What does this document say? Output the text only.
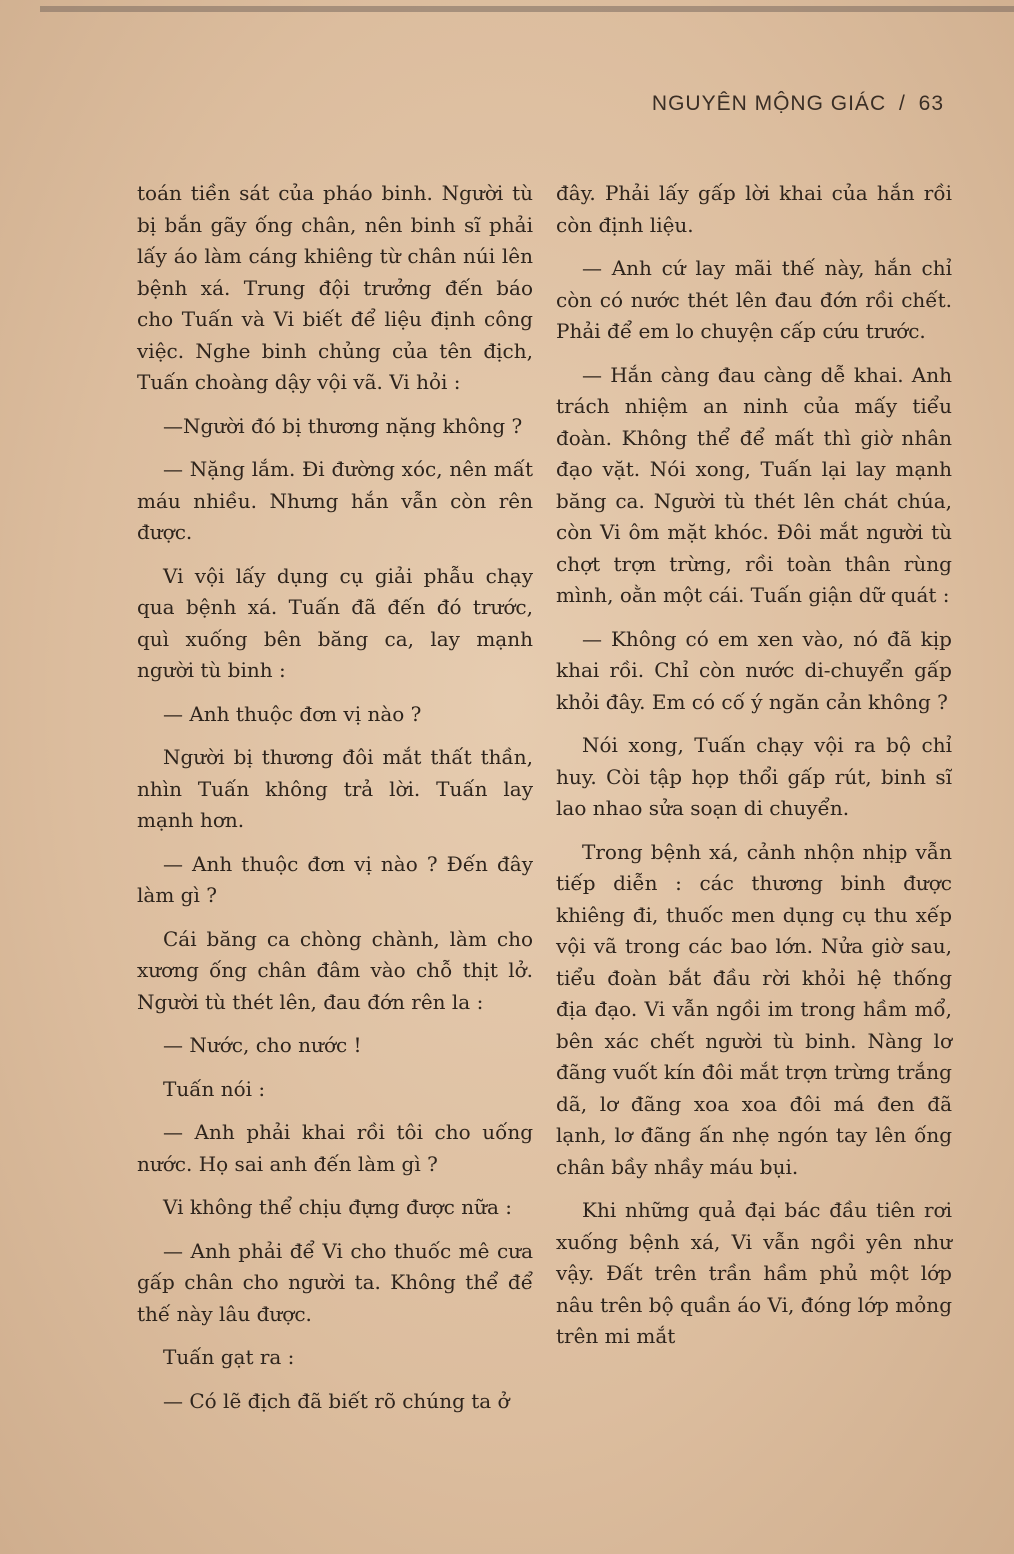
NGUYÊN MỘNG GIÁC / 63

toán tiền sát của pháo binh. Người tù bị bắn gãy ống chân, nên binh sĩ phải lấy áo làm cáng khiêng từ chân núi lên bệnh xá. Trung đội trưởng đến báo cho Tuấn và Vi biết để liệu định công việc. Nghe binh chủng của tên địch, Tuấn choàng dậy vội vã. Vi hỏi :

—Người đó bị thương nặng không ?

— Nặng lắm. Đi đường xóc, nên mất máu nhiều. Nhưng hắn vẫn còn rên được.

Vi vội lấy dụng cụ giải phẫu chạy qua bệnh xá. Tuấn đã đến đó trước, quì xuống bên băng ca, lay mạnh người tù binh :

— Anh thuộc đơn vị nào ?

Người bị thương đôi mắt thất thần, nhìn Tuấn không trả lời. Tuấn lay mạnh hơn.

— Anh thuộc đơn vị nào ? Đến đây làm gì ?

Cái băng ca chòng chành, làm cho xương ống chân đâm vào chỗ thịt lở. Người tù thét lên, đau đớn rên la :

— Nước, cho nước !

Tuấn nói :

— Anh phải khai rồi tôi cho uống nước. Họ sai anh đến làm gì ?

Vi không thể chịu đựng được nữa :

— Anh phải để Vi cho thuốc mê cưa gấp chân cho người ta. Không thể để thế này lâu được.

Tuấn gạt ra :

— Có lẽ địch đã biết rõ chúng ta ở

đây. Phải lấy gấp lời khai của hắn rồi còn định liệu.

— Anh cứ lay mãi thế này, hắn chỉ còn có nước thét lên đau đớn rồi chết. Phải để em lo chuyện cấp cứu trước.

— Hắn càng đau càng dễ khai. Anh trách nhiệm an ninh của mấy tiểu đoàn. Không thể để mất thì giờ nhân đạo vặt. Nói xong, Tuấn lại lay mạnh băng ca. Người tù thét lên chát chúa, còn Vi ôm mặt khóc. Đôi mắt người tù chợt trợn trừng, rồi toàn thân rùng mình, oằn một cái. Tuấn giận dữ quát :

— Không có em xen vào, nó đã kịp khai rồi. Chỉ còn nước di-chuyển gấp khỏi đây. Em có cố ý ngăn cản không ?

Nói xong, Tuấn chạy vội ra bộ chỉ huy. Còi tập họp thổi gấp rút, binh sĩ lao nhao sửa soạn di chuyển.

Trong bệnh xá, cảnh nhộn nhịp vẫn tiếp diễn : các thương binh được khiêng đi, thuốc men dụng cụ thu xếp vội vã trong các bao lớn. Nửa giờ sau, tiểu đoàn bắt đầu rời khỏi hệ thống địa đạo. Vi vẫn ngồi im trong hầm mổ, bên xác chết người tù binh. Nàng lơ đãng vuốt kín đôi mắt trợn trừng trắng dã, lơ đãng xoa xoa đôi má đen đã lạnh, lơ đãng ấn nhẹ ngón tay lên ống chân bầy nhầy máu bụi.

Khi những quả đại bác đầu tiên rơi xuống bệnh xá, Vi vẫn ngồi yên như vậy. Đất trên trần hầm phủ một lớp nâu trên bộ quần áo Vi, đóng lớp mỏng trên mi mắt
